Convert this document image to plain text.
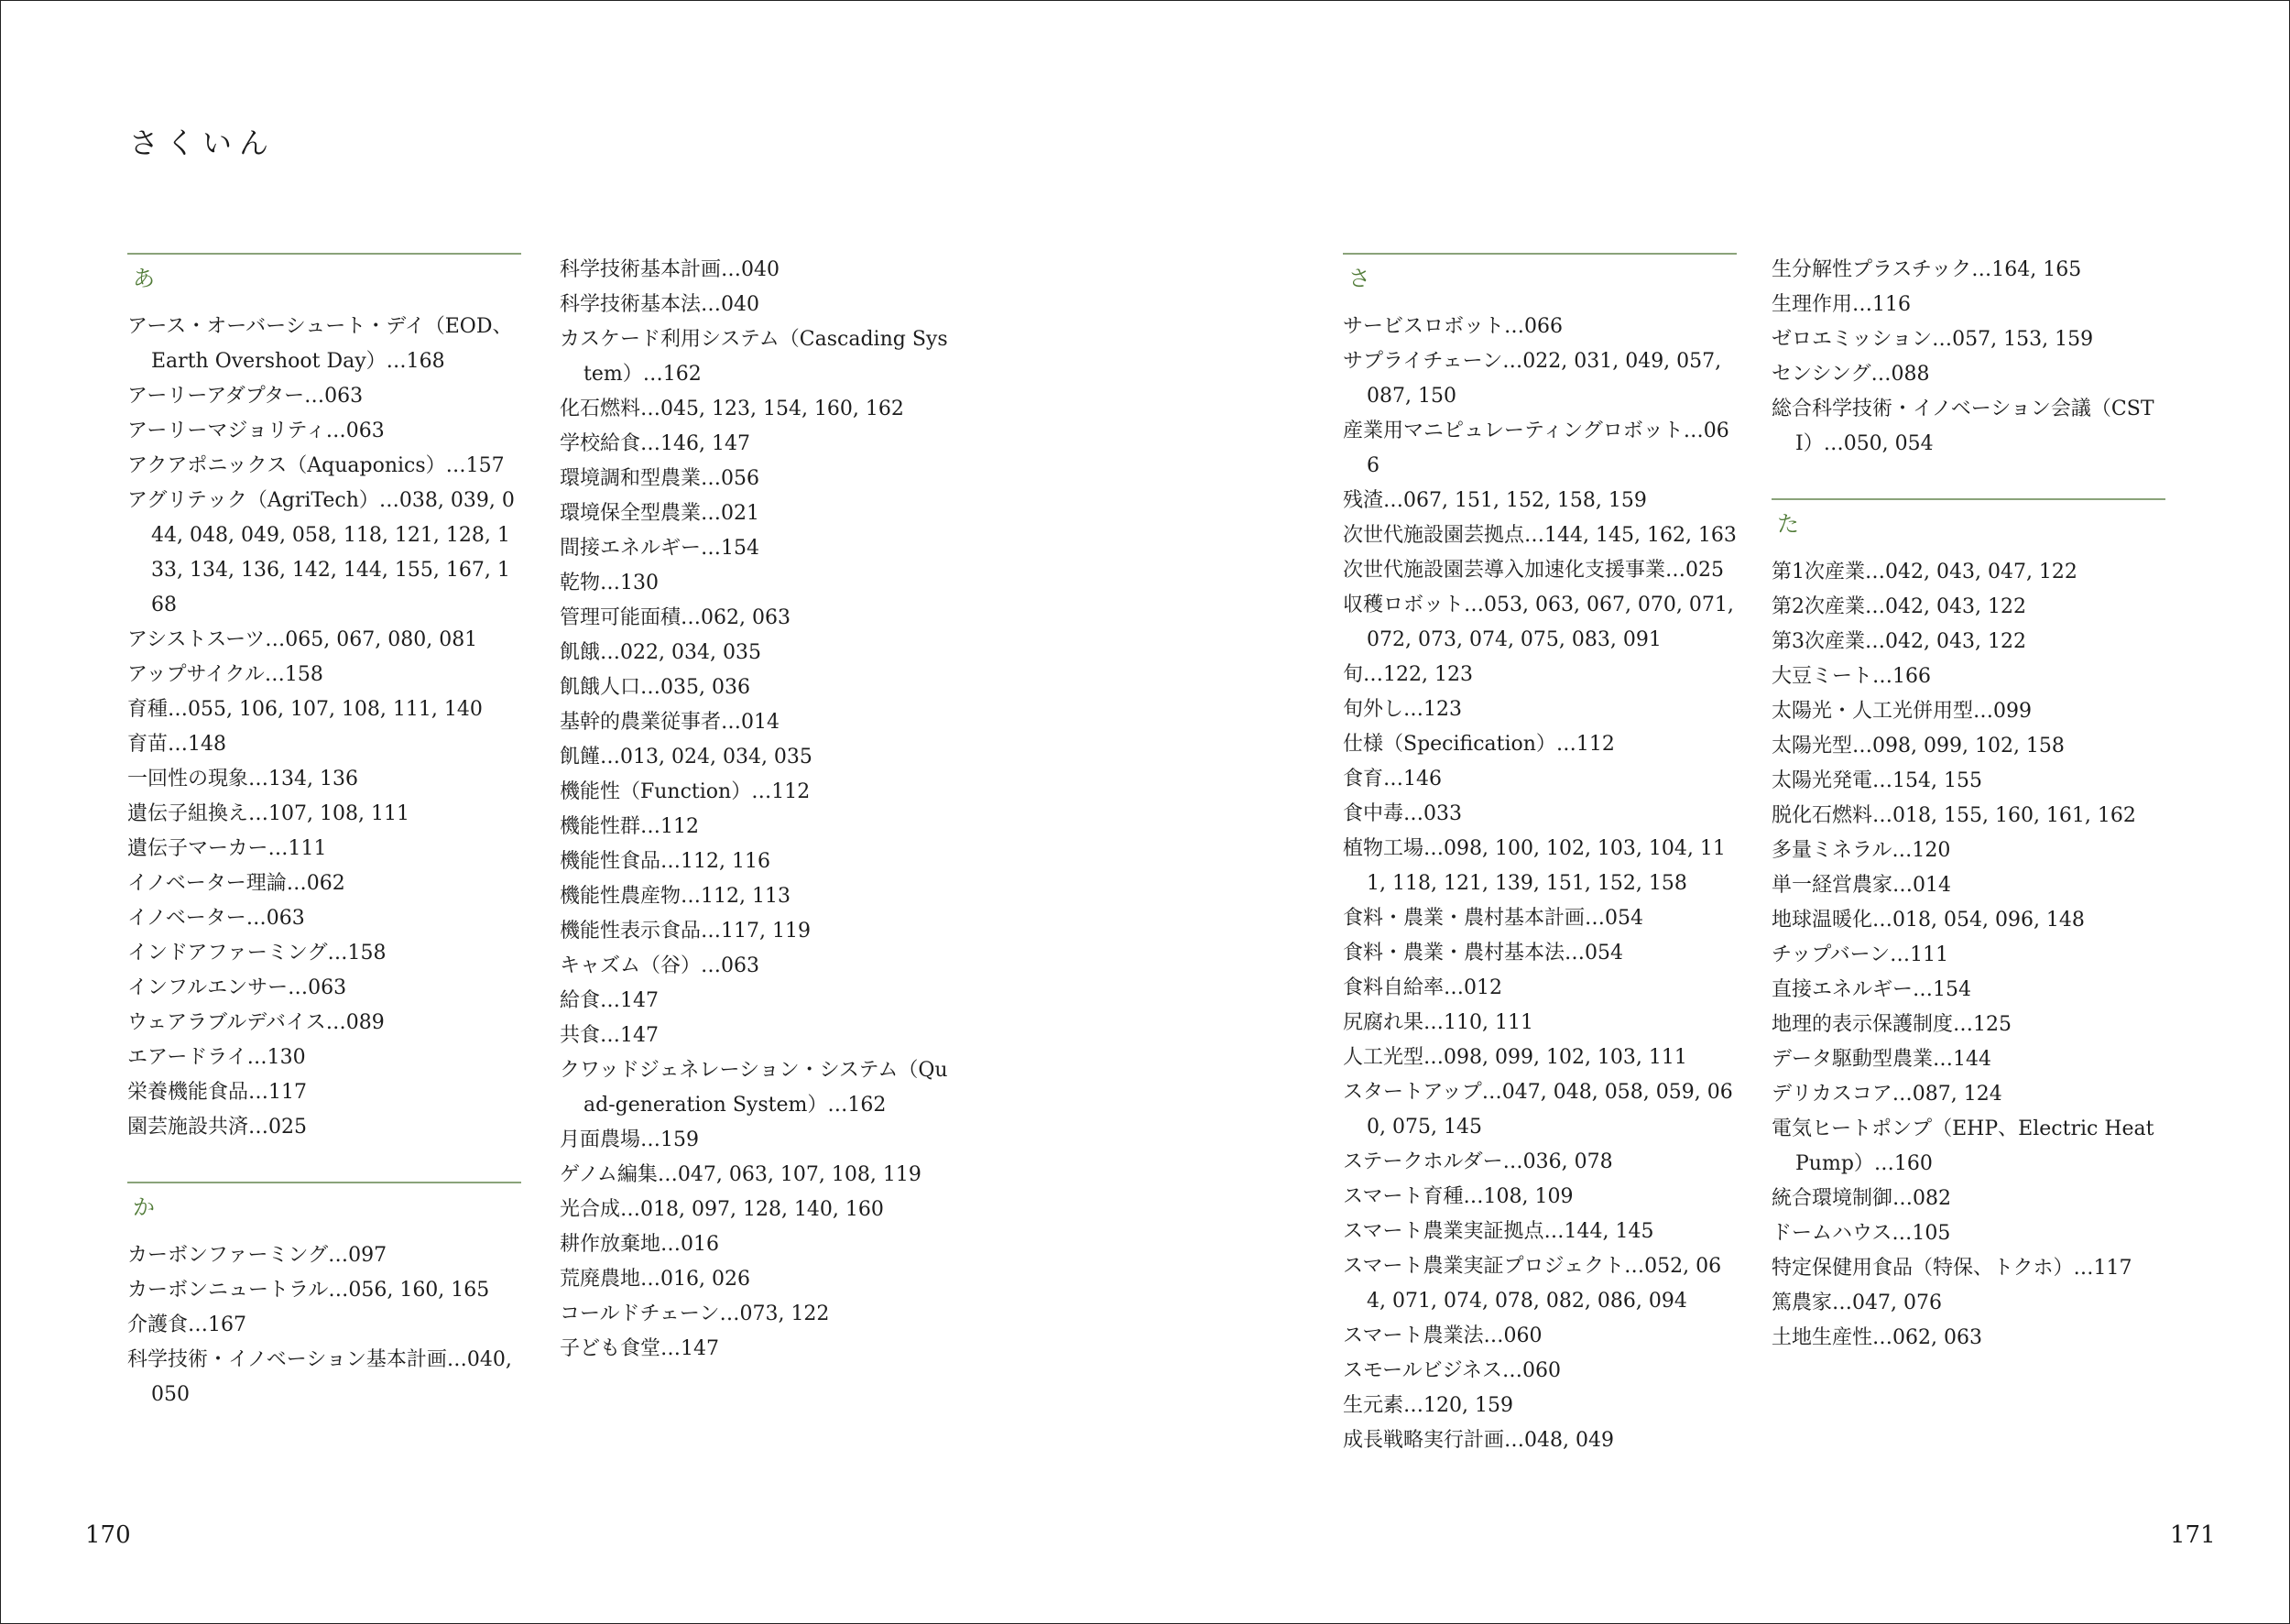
さくいん
あ

アース・オーバーシュート・デイ（EOD、Earth Overshoot Day）…168

アーリーアダプター…063

アーリーマジョリティ…063

アクアポニックス（Aquaponics）…157

アグリテック（AgriTech）…038, 039, 044, 048, 049, 058, 118, 121, 128, 133, 134, 136, 142, 144, 155, 167, 168

アシストスーツ…065, 067, 080, 081

アップサイクル…158

育種…055, 106, 107, 108, 111, 140

育苗…148

一回性の現象…134, 136

遺伝子組換え…107, 108, 111

遺伝子マーカー…111

イノベーター理論…062

イノベーター…063

インドアファーミング…158

インフルエンサー…063

ウェアラブルデバイス…089

エアードライ…130

栄養機能食品…117

園芸施設共済…025

か

カーボンファーミング…097

カーボンニュートラル…056, 160, 165

介護食…167

科学技術・イノベーション基本計画…040, 050

科学技術基本計画…040

科学技術基本法…040

カスケード利用システム（Cascading System）…162

化石燃料…045, 123, 154, 160, 162

学校給食…146, 147

環境調和型農業…056

環境保全型農業…021

間接エネルギー…154

乾物…130

管理可能面積…062, 063

飢餓…022, 034, 035

飢餓人口…035, 036

基幹的農業従事者…014

飢饉…013, 024, 034, 035

機能性（Function）…112

機能性群…112

機能性食品…112, 116

機能性農産物…112, 113

機能性表示食品…117, 119

キャズム（谷）…063

給食…147

共食…147

クワッドジェネレーション・システム（Quad-generation System）…162

月面農場…159

ゲノム編集…047, 063, 107, 108, 119

光合成…018, 097, 128, 140, 160

耕作放棄地…016

荒廃農地…016, 026

コールドチェーン…073, 122

子ども食堂…147

さ

サービスロボット…066

サプライチェーン…022, 031, 049, 057, 087, 150

産業用マニピュレーティングロボット…066

残渣…067, 151, 152, 158, 159

次世代施設園芸拠点…144, 145, 162, 163

次世代施設園芸導入加速化支援事業…025

収穫ロボット…053, 063, 067, 070, 071, 072, 073, 074, 075, 083, 091

旬…122, 123

旬外し…123

仕様（Specification）…112

食育…146

食中毒…033

植物工場…098, 100, 102, 103, 104, 111, 118, 121, 139, 151, 152, 158

食料・農業・農村基本計画…054

食料・農業・農村基本法…054

食料自給率…012

尻腐れ果…110, 111

人工光型…098, 099, 102, 103, 111

スタートアップ…047, 048, 058, 059, 060, 075, 145

ステークホルダー…036, 078

スマート育種…108, 109

スマート農業実証拠点…144, 145

スマート農業実証プロジェクト…052, 064, 071, 074, 078, 082, 086, 094

スマート農業法…060

スモールビジネス…060

生元素…120, 159

成長戦略実行計画…048, 049

生分解性プラスチック…164, 165

生理作用…116

ゼロエミッション…057, 153, 159

センシング…088

総合科学技術・イノベーション会議（CSTI）…050, 054

た

第1次産業…042, 043, 047, 122

第2次産業…042, 043, 122

第3次産業…042, 043, 122

大豆ミート…166

太陽光・人工光併用型…099

太陽光型…098, 099, 102, 158

太陽光発電…154, 155

脱化石燃料…018, 155, 160, 161, 162

多量ミネラル…120

単一経営農家…014

地球温暖化…018, 054, 096, 148

チップバーン…111

直接エネルギー…154

地理的表示保護制度…125

データ駆動型農業…144

デリカスコア…087, 124

電気ヒートポンプ（EHP、Electric Heat Pump）…160

統合環境制御…082

ドームハウス…105

特定保健用食品（特保、トクホ）…117

篤農家…047, 076

土地生産性…062, 063

170	171
